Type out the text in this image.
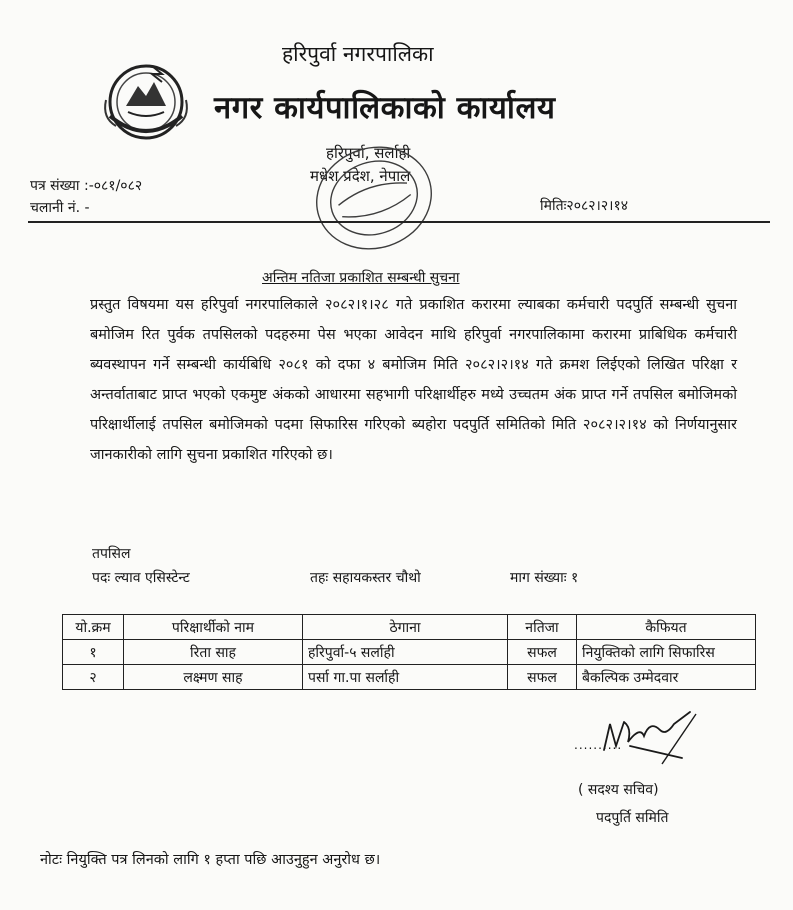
हरिपुर्वा नगरपालिका
नगर कार्यपालिकाको कार्यालय
हरिपुर्वा, सर्लाही
मधेश प्रदेश, नेपाल
पत्र संख्या :-०८१/०८२
चलानी नं. -	मितिः२०८२।२।१४
अन्तिम नतिजा प्रकाशित सम्बन्धी सुचना
प्रस्तुत विषयमा यस हरिपुर्वा नगरपालिकाले २०८२।१।२८ गते प्रकाशित करारमा ल्याबका कर्मचारी पदपुर्ति सम्बन्धी सुचना बमोजिम रित पुर्वक तपसिलको पदहरुमा पेस भएका आवेदन माथि हरिपुर्वा नगरपालिकामा करारमा प्राबिधिक कर्मचारी ब्यवस्थापन गर्ने सम्बन्धी कार्यबिधि २०८१ को दफा ४ बमोजिम मिति २०८२।२।१४ गते क्रमश लिईएको लिखित परिक्षा र अन्तर्वाताबाट प्राप्त भएको एकमुष्ट अंकको आधारमा सहभागी परिक्षार्थीहरु मध्ये उच्चतम अंक प्राप्त गर्ने तपसिल बमोजिमको परिक्षार्थीलाई तपसिल बमोजिमको पदमा सिफारिस गरिएको ब्यहोरा पदपुर्ति समितिको मिति २०८२।२।१४ को निर्णयानुसार जानकारीको लागि सुचना प्रकाशित गरिएको छ।
तपसिल
पदः ल्याव एसिस्टेन्ट	तहः सहायकस्तर चौथो	माग संख्याः १
यो.क्रम	परिक्षार्थीको नाम	ठेगाना	नतिजा	कैफियत
१	रिता साह	हरिपुर्वा-५ सर्लाही	सफल	नियुक्तिको लागि सिफारिस
२	लक्ष्मण साह	पर्सा गा.पा सर्लाही	सफल	बैकल्पिक उम्मेदवार
..........
( सदश्य सचिव)
पदपुर्ति समिति
नोटः नियुक्ति पत्र लिनको लागि १ हप्ता पछि आउनुहुन अनुरोध छ।
